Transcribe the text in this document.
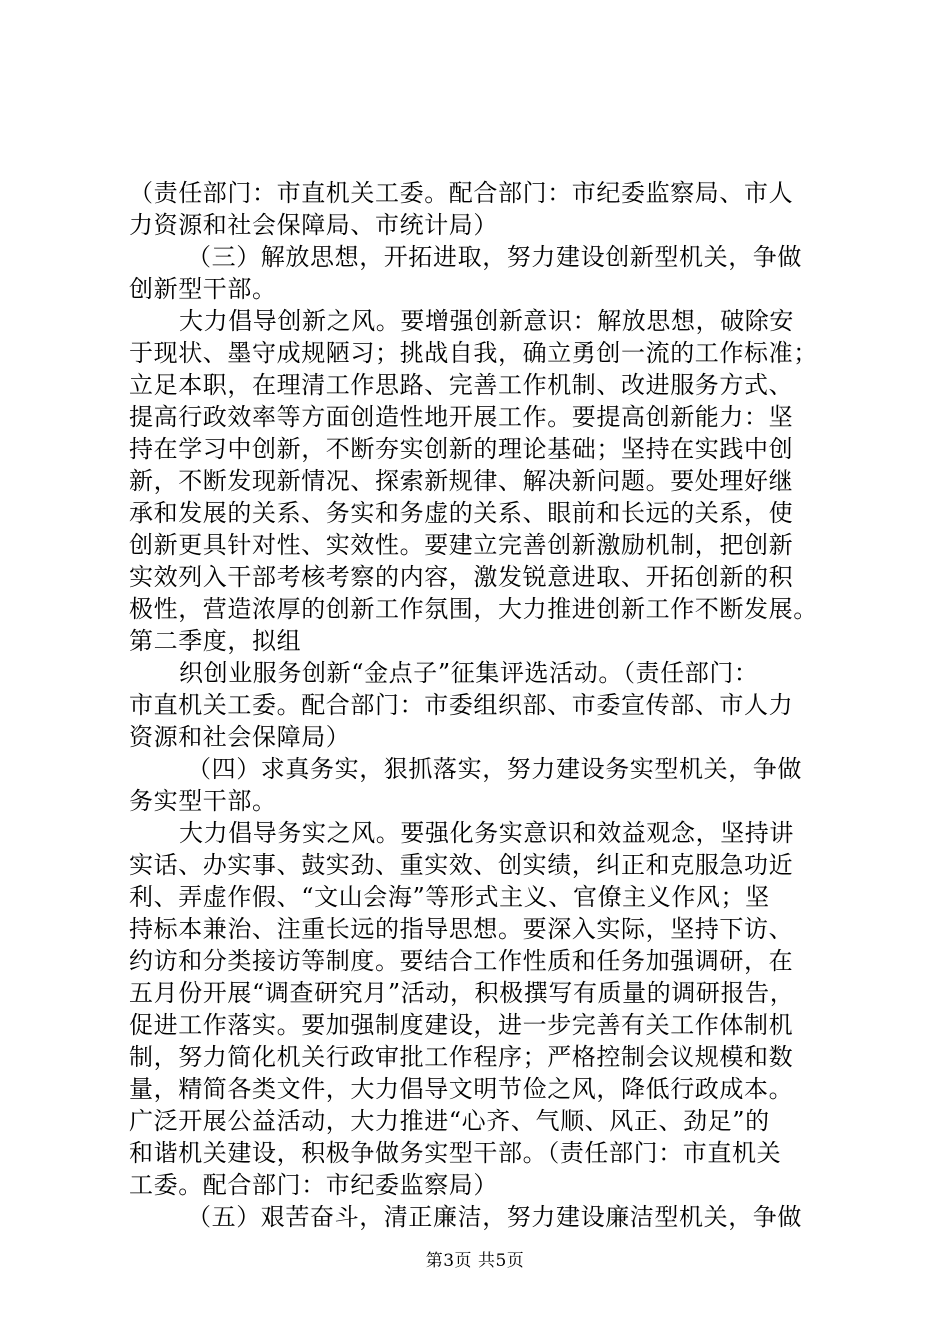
（责任部门：市直机关工委。配合部门：市纪委监察局、市人
力资源和社会保障局、市统计局）
（三）解放思想，开拓进取，努力建设创新型机关，争做
创新型干部。
大力倡导创新之风。要增强创新意识：解放思想，破除安
于现状、墨守成规陋习；挑战自我，确立勇创一流的工作标准；
立足本职，在理清工作思路、完善工作机制、改进服务方式、
提高行政效率等方面创造性地开展工作。要提高创新能力：坚
持在学习中创新，不断夯实创新的理论基础；坚持在实践中创
新，不断发现新情况、探索新规律、解决新问题。要处理好继
承和发展的关系、务实和务虚的关系、眼前和长远的关系，使
创新更具针对性、实效性。要建立完善创新激励机制，把创新
实效列入干部考核考察的内容，激发锐意进取、开拓创新的积
极性，营造浓厚的创新工作氛围，大力推进创新工作不断发展。
第二季度，拟组
织创业服务创新“金点子”征集评选活动。（责任部门：
市直机关工委。配合部门：市委组织部、市委宣传部、市人力
资源和社会保障局）
（四）求真务实，狠抓落实，努力建设务实型机关，争做
务实型干部。
大力倡导务实之风。要强化务实意识和效益观念，坚持讲
实话、办实事、鼓实劲、重实效、创实绩，纠正和克服急功近
利、弄虚作假、“文山会海”等形式主义、官僚主义作风；坚
持标本兼治、注重长远的指导思想。要深入实际，坚持下访、
约访和分类接访等制度。要结合工作性质和任务加强调研，在
五月份开展“调查研究月”活动，积极撰写有质量的调研报告，
促进工作落实。要加强制度建设，进一步完善有关工作体制机
制，努力简化机关行政审批工作程序；严格控制会议规模和数
量，精简各类文件，大力倡导文明节俭之风，降低行政成本。
广泛开展公益活动，大力推进“心齐、气顺、风正、劲足”的
和谐机关建设，积极争做务实型干部。（责任部门：市直机关
工委。配合部门：市纪委监察局）
（五）艰苦奋斗，清正廉洁，努力建设廉洁型机关，争做
第3页 共5页
